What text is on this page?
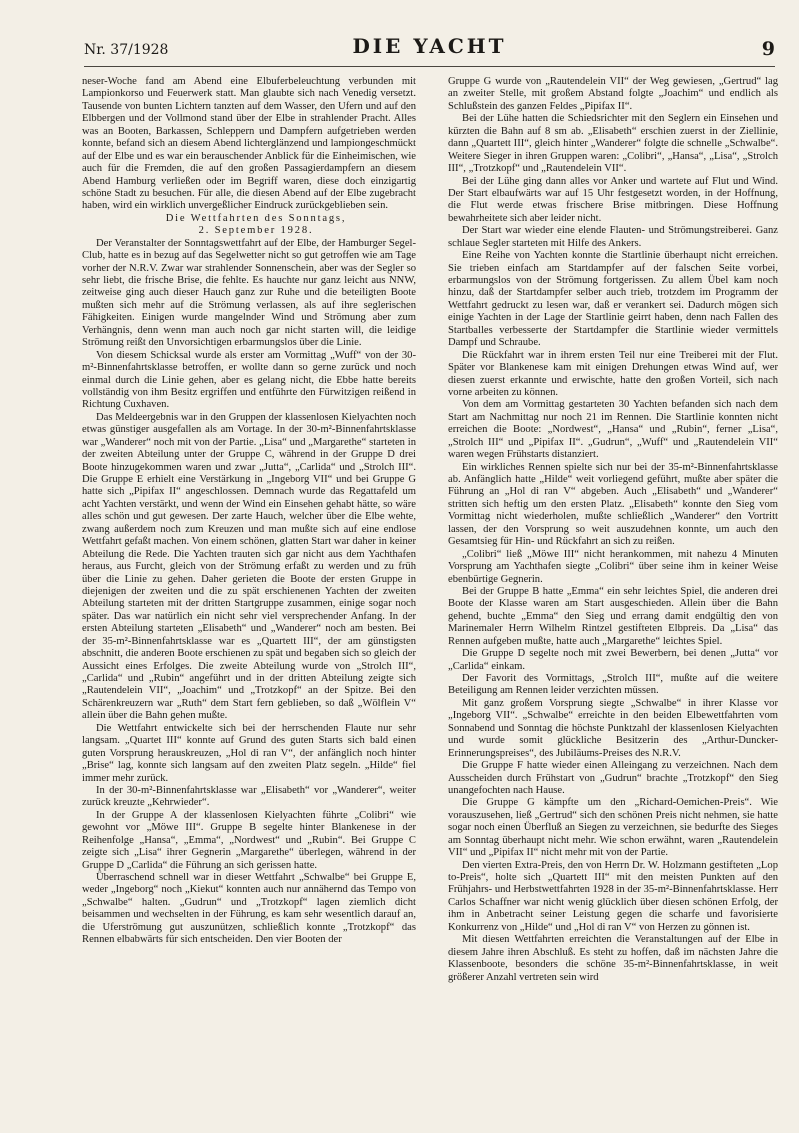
Nr. 37/1928	DIE YACHT	9

neser-Woche fand am Abend eine Elbuferbeleuchtung verbunden mit Lampionkorso und Feuerwerk statt. Man glaubte sich nach Venedig versetzt. Tausende von bunten Lichtern tanzten auf dem Wasser, den Ufern und auf den Elbbergen und der Vollmond stand über der Elbe in strahlender Pracht. Alles was an Booten, Barkassen, Schleppern und Dampfern aufgetrieben werden konnte, befand sich an diesem Abend lichterglänzend und lampiongeschmückt auf der Elbe und es war ein berauschender Anblick für die Einheimischen, wie auch für die Fremden, die auf den großen Passagierdampfern an diesem Abend Hamburg verließen oder im Begriff waren, diese doch einzigartig schöne Stadt zu besuchen. Für alle, die diesen Abend auf der Elbe zugebracht haben, wird ein wirklich unvergeßlicher Eindruck zurückgeblieben sein.

Die Wettfahrten des Sonntags,

2. September 1928.

Der Veranstalter der Sonntagswettfahrt auf der Elbe, der Hamburger Segel-Club, hatte es in bezug auf das Segelwetter nicht so gut getroffen wie am Tage vorher der N.R.V. Zwar war strahlender Sonnenschein, aber was der Segler so sehr liebt, die frische Brise, die fehlte. Es hauchte nur ganz leicht aus NNW, zeitweise ging auch dieser Hauch ganz zur Ruhe und die beteiligten Boote mußten sich mehr auf die Strömung verlassen, als auf ihre seglerischen Fähigkeiten. Einigen wurde mangelnder Wind und Strömung aber zum Verhängnis, denn wenn man auch noch gar nicht starten will, die leidige Strömung reißt den Unvorsichtigen erbarmungslos über die Linie.

Von diesem Schicksal wurde als erster am Vormittag „Wuff“ von der 30-m²-Binnenfahrtsklasse betroffen, er wollte dann so gerne zurück und noch einmal durch die Linie gehen, aber es gelang nicht, die Ebbe hatte bereits vollständig von ihm Besitz ergriffen und entführte den Fürwitzigen reißend in Richtung Cuxhaven.

Das Meldeergebnis war in den Gruppen der klassenlosen Kielyachten noch etwas günstiger ausgefallen als am Vortage. In der 30-m²-Binnenfahrtsklasse war „Wanderer“ noch mit von der Partie. „Lisa“ und „Margarethe“ starteten in der zweiten Abteilung unter der Gruppe C, während in der Gruppe D drei Boote hinzugekommen waren und zwar „Jutta“, „Carlida“ und „Strolch III“. Die Gruppe E erhielt eine Verstärkung in „Ingeborg VII“ und bei Gruppe G hatte sich „Pipifax II“ angeschlossen. Demnach wurde das Regattafeld um acht Yachten verstärkt, und wenn der Wind ein Einsehen gehabt hätte, so wäre alles schön und gut gewesen. Der zarte Hauch, welcher über die Elbe wehte, zwang außerdem noch zum Kreuzen und man mußte sich auf eine endlose Wettfahrt gefaßt machen. Von einem schönen, glatten Start war daher in keiner Abteilung die Rede. Die Yachten trauten sich gar nicht aus dem Yachthafen heraus, aus Furcht, gleich von der Strömung erfaßt zu werden und zu früh über die Linie zu gehen. Daher gerieten die Boote der ersten Gruppe in diejenigen der zweiten und die zu spät erschienenen Yachten der zweiten Abteilung starteten mit der dritten Startgruppe zusammen, einige sogar noch später. Das war natürlich ein nicht sehr viel versprechender Anfang. In der ersten Abteilung starteten „Elisabeth“ und „Wanderer“ noch am besten. Bei der 35-m²-Binnenfahrtsklasse war es „Quartett III“, der am günstigsten abschnitt, die anderen Boote erschienen zu spät und begaben sich so gleich der Aussicht eines Erfolges. Die zweite Abteilung wurde von „Strolch III“, „Carlida“ und „Rubin“ angeführt und in der dritten Abteilung zeigte sich „Rautendelein VII“, „Joachim“ und „Trotzkopf“ an der Spitze. Bei den Schärenkreuzern war „Ruth“ dem Start fern geblieben, so daß „Wölflein V“ allein über die Bahn gehen mußte.

Die Wettfahrt entwickelte sich bei der herrschenden Flaute nur sehr langsam. „Quartet III“ konnte auf Grund des guten Starts sich bald einen guten Vorsprung herauskreuzen, „Hol di ran V“, der anfänglich noch hinter „Brise“ lag, konnte sich langsam auf den zweiten Platz segeln. „Hilde“ fiel immer mehr zurück.

In der 30-m²-Binnenfahrtsklasse war „Elisabeth“ vor „Wanderer“, weiter zurück kreuzte „Kehrwieder“.

In der Gruppe A der klassenlosen Kielyachten führte „Colibri“ wie gewohnt vor „Möwe III“. Gruppe B segelte hinter Blankenese in der Reihenfolge „Hansa“, „Emma“, „Nordwest“ und „Rubin“. Bei Gruppe C zeigte sich „Lisa“ ihrer Gegnerin „Margarethe“ überlegen, während in der Gruppe D „Carlida“ die Führung an sich gerissen hatte.

Überraschend schnell war in dieser Wettfahrt „Schwalbe“ bei Gruppe E, weder „Ingeborg“ noch „Kiekut“ konnten auch nur annähernd das Tempo von „Schwalbe“ halten. „Gudrun“ und „Trotzkopf“ lagen ziemlich dicht beisammen und wechselten in der Führung, es kam sehr wesentlich darauf an, die Uferströmung gut auszunützen, schließlich konnte „Trotzkopf“ das Rennen elbabwärts für sich entscheiden. Den vier Booten der

Gruppe G wurde von „Rautendelein VII“ der Weg gewiesen, „Gertrud“ lag an zweiter Stelle, mit großem Abstand folgte „Joachim“ und endlich als Schlußstein des ganzen Feldes „Pipifax II“.

Bei der Lühe hatten die Schiedsrichter mit den Seglern ein Einsehen und kürzten die Bahn auf 8 sm ab. „Elisabeth“ erschien zuerst in der Ziellinie, dann „Quartett III“, gleich hinter „Wanderer“ folgte die schnelle „Schwalbe“. Weitere Sieger in ihren Gruppen waren: „Colibri“, „Hansa“, „Lisa“, „Strolch III“, „Trotzkopf“ und „Rautendelein VII“.

Bei der Lühe ging dann alles vor Anker und wartete auf Flut und Wind. Der Start elbaufwärts war auf 15 Uhr festgesetzt worden, in der Hoffnung, die Flut werde etwas frischere Brise mitbringen. Diese Hoffnung bewahrheitete sich aber leider nicht.

Der Start war wieder eine elende Flauten- und Strömungstreiberei. Ganz schlaue Segler starteten mit Hilfe des Ankers.

Eine Reihe von Yachten konnte die Startlinie überhaupt nicht erreichen. Sie trieben einfach am Startdampfer auf der falschen Seite vorbei, erbarmungslos von der Strömung fortgerissen. Zu allem Übel kam noch hinzu, daß der Startdampfer selber auch trieb, trotzdem im Programm der Wettfahrt gedruckt zu lesen war, daß er verankert sei. Dadurch mögen sich einige Yachten in der Lage der Startlinie geirrt haben, denn nach Fallen des Startballes verbesserte der Startdampfer die Startlinie wieder vermittels Dampf und Schraube.

Die Rückfahrt war in ihrem ersten Teil nur eine Treiberei mit der Flut. Später vor Blankenese kam mit einigen Drehungen etwas Wind auf, wer diesen zuerst erkannte und erwischte, hatte den großen Vorteil, sich nach vorne arbeiten zu können.

Von dem am Vormittag gestarteten 30 Yachten befanden sich nach dem Start am Nachmittag nur noch 21 im Rennen. Die Startlinie konnten nicht erreichen die Boote: „Nordwest“, „Hansa“ und „Rubin“, ferner „Lisa“, „Strolch III“ und „Pipifax II“. „Gudrun“, „Wuff“ und „Rautendelein VII“ waren wegen Frühstarts distanziert.

Ein wirkliches Rennen spielte sich nur bei der 35-m²-Binnenfahrtsklasse ab. Anfänglich hatte „Hilde“ weit vorliegend geführt, mußte aber später die Führung an „Hol di ran V“ abgeben. Auch „Elisabeth“ und „Wanderer“ stritten sich heftig um den ersten Platz. „Elisabeth“ konnte den Sieg vom Vormittag nicht wiederholen, mußte schließlich „Wanderer“ den Vortritt lassen, der den Vorsprung so weit auszudehnen konnte, um auch den Gesamtsieg für Hin- und Rückfahrt an sich zu reißen.

„Colibri“ ließ „Möwe III“ nicht herankommen, mit nahezu 4 Minuten Vorsprung am Yachthafen siegte „Colibri“ über seine ihm in keiner Weise ebenbürtige Gegnerin.

Bei der Gruppe B hatte „Emma“ ein sehr leichtes Spiel, die anderen drei Boote der Klasse waren am Start ausgeschieden. Allein über die Bahn gehend, buchte „Emma“ den Sieg und errang damit endgültig den von Marinemaler Herrn Wilhelm Rintzel gestifteten Elbpreis. Da „Lisa“ das Rennen aufgeben mußte, hatte auch „Margarethe“ leichtes Spiel.

Die Gruppe D segelte noch mit zwei Bewerbern, bei denen „Jutta“ vor „Carlida“ einkam.

Der Favorit des Vormittags, „Strolch III“, mußte auf die weitere Beteiligung am Rennen leider verzichten müssen.

Mit ganz großem Vorsprung siegte „Schwalbe“ in ihrer Klasse vor „Ingeborg VII“. „Schwalbe“ erreichte in den beiden Elbewettfahrten vom Sonnabend und Sonntag die höchste Punktzahl der klassenlosen Kielyachten und wurde somit glückliche Besitzerin des „Arthur-Duncker-Erinnerungspreises“, des Jubiläums-Preises des N.R.V.

Die Gruppe F hatte wieder einen Alleingang zu verzeichnen. Nach dem Ausscheiden durch Frühstart von „Gudrun“ brachte „Trotzkopf“ den Sieg unangefochten nach Hause.

Die Gruppe G kämpfte um den „Richard-Oemichen-Preis“. Wie vorauszusehen, ließ „Gertrud“ sich den schönen Preis nicht nehmen, sie hatte sogar noch einen Überfluß an Siegen zu verzeichnen, sie bedurfte des Sieges am Sonntag überhaupt nicht mehr. Wie schon erwähnt, waren „Rautendelein VII“ und „Pipifax II“ nicht mehr mit von der Partie.

Den vierten Extra-Preis, den von Herrn Dr. W. Holzmann gestifteten „Lop to-Preis“, holte sich „Quartett III“ mit den meisten Punkten auf den Frühjahrs- und Herbstwettfahrten 1928 in der 35-m²-Binnenfahrtsklasse. Herr Carlos Schaffner war nicht wenig glücklich über diesen schönen Erfolg, der ihm in Anbetracht seiner Leistung gegen die scharfe und favorisierte Konkurrenz von „Hilde“ und „Hol di ran V“ von Herzen zu gönnen ist.

Mit diesen Wettfahrten erreichten die Veranstaltungen auf der Elbe in diesem Jahre ihren Abschluß. Es steht zu hoffen, daß im nächsten Jahre die Klassenboote, besonders die schöne 35-m²-Binnenfahrtsklasse, in weit größerer Anzahl vertreten sein wird
